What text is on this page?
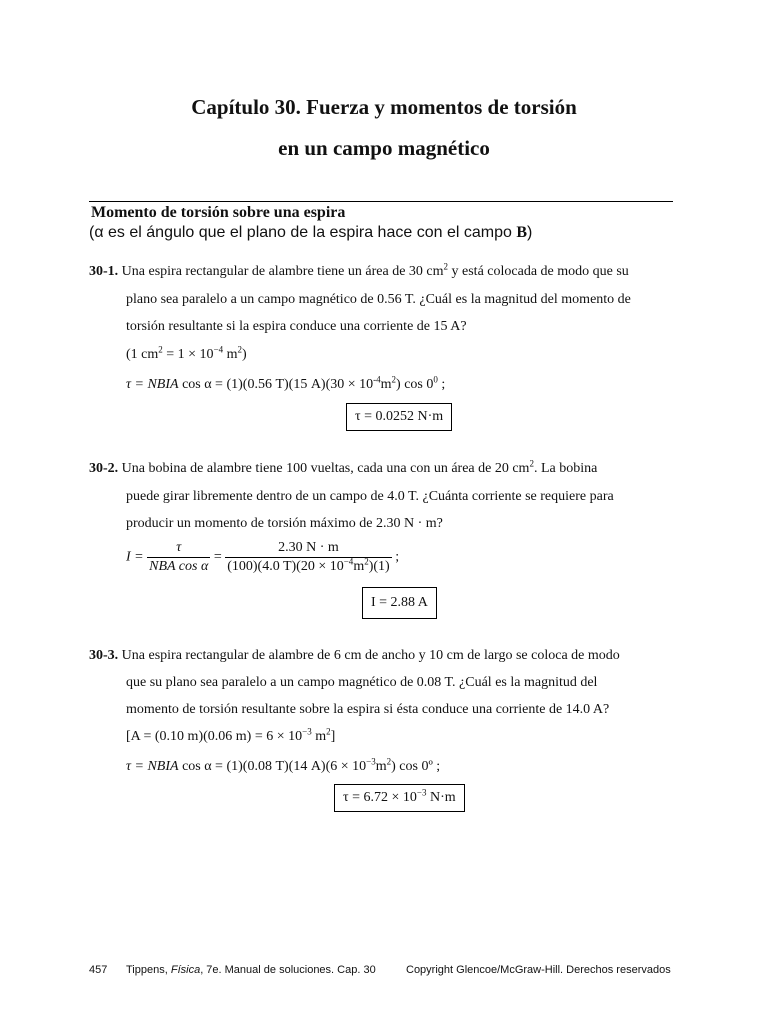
Capítulo 30. Fuerza y momentos de torsión
en un campo magnético
Momento de torsión sobre una espira
(α es el ángulo que el plano de la espira hace con el campo B)
30-1. Una espira rectangular de alambre tiene un área de 30 $cm^2$ y está colocada de modo que su
plano sea paralelo a un campo magnético de 0.56 T. ¿Cuál es la magnitud del momento de
torsión resultante si la espira conduce una corriente de 15 A?
(1 $cm^2 = 1 \times 10^{-4}$ $m^2$)
τ = NBIA cos α = (1)(0.56 T)(15 $A)(30 \times 10^{-4}m^2)$ $\cos 0^0$ ;
τ = 0.0252 N·m
30-2. Una bobina de alambre tiene 100 vueltas, cada una con un área de 20 $cm^2$. La bobina
puede girar libremente dentro de un campo de 4.0 T. ¿Cuánta corriente se requiere para
producir un momento de torsión máximo de 2.30 N · m?
$I = \frac{\tau}{\text{NBA cos α}} = \frac{2.30 N \cdot m}{(100)(4.0 T)(20 \times 10^{-4}m^2)(1)}$ ;
I = 2.88 A
30-3. Una espira rectangular de alambre de 6 cm de ancho y 10 cm de largo se coloca de modo
que su plano sea paralelo a un campo magnético de 0.08 T. ¿Cuál es la magnitud del
momento de torsión resultante sobre la espira si ésta conduce una corriente de 14.0 A?
[A = (0.10 m)(0.06 $m) = 6 \times 10^{-3}$ $m^2$]
τ = NBIA cos α = (1)(0.08 T)(14 $A)(6 \times 10^{-3}m^2)$ cos 0º ;
$\tau = 6.72 \times 10^{-3}$ N·m
457 Tippens, Física, 7e. Manual de soluciones. Cap. 30	Copyright Glencoe/McGraw-Hill. Derechos reservados
